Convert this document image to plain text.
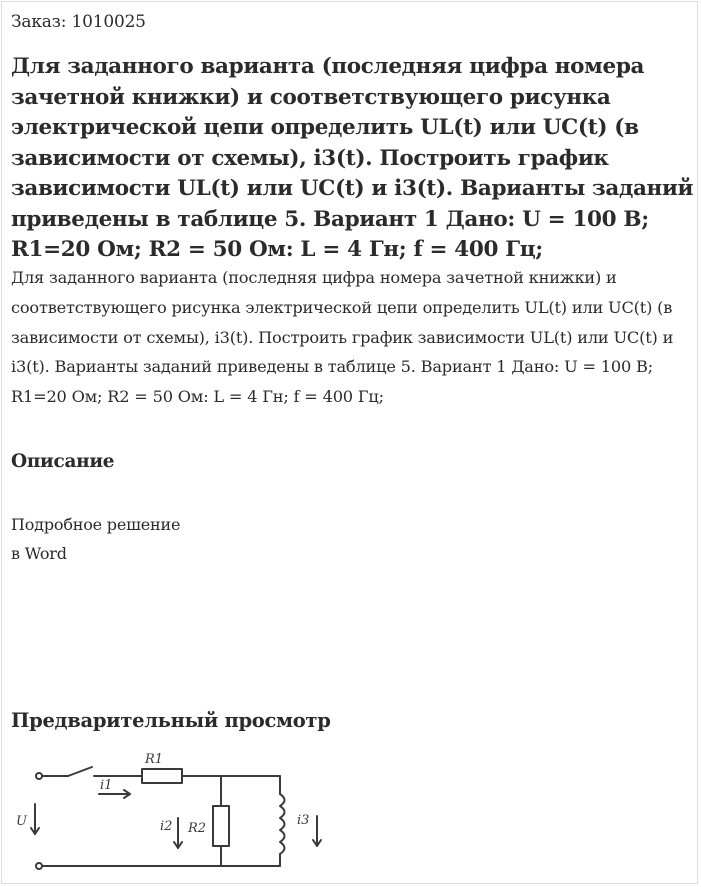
Заказ: 1010025
Для заданного варианта (последняя цифра номера зачетной книжки) и соответствующего рисунка электрической цепи определить UL(t) или UC(t) (в зависимости от схемы), i3(t). Построить график зависимости UL(t) или UC(t) и i3(t). Варианты заданий приведены в таблице 5. Вариант 1 Дано: U = 100 В; R1=20 Ом; R2 = 50 Ом: L = 4 Гн; f = 400 Гц;
Для заданного варианта (последняя цифра номера зачетной книжки) и соответствующего рисунка электрической цепи определить UL(t) или UC(t) (в зависимости от схемы), i3(t). Построить график зависимости UL(t) или UC(t) и i3(t). Варианты заданий приведены в таблице 5. Вариант 1 Дано: U = 100 В; R1=20 Ом; R2 = 50 Ом: L = 4 Гн; f = 400 Гц;
Описание
Подробное решение
в Word
Предварительный просмотр
R1
i1
U	i2 R2
i3
